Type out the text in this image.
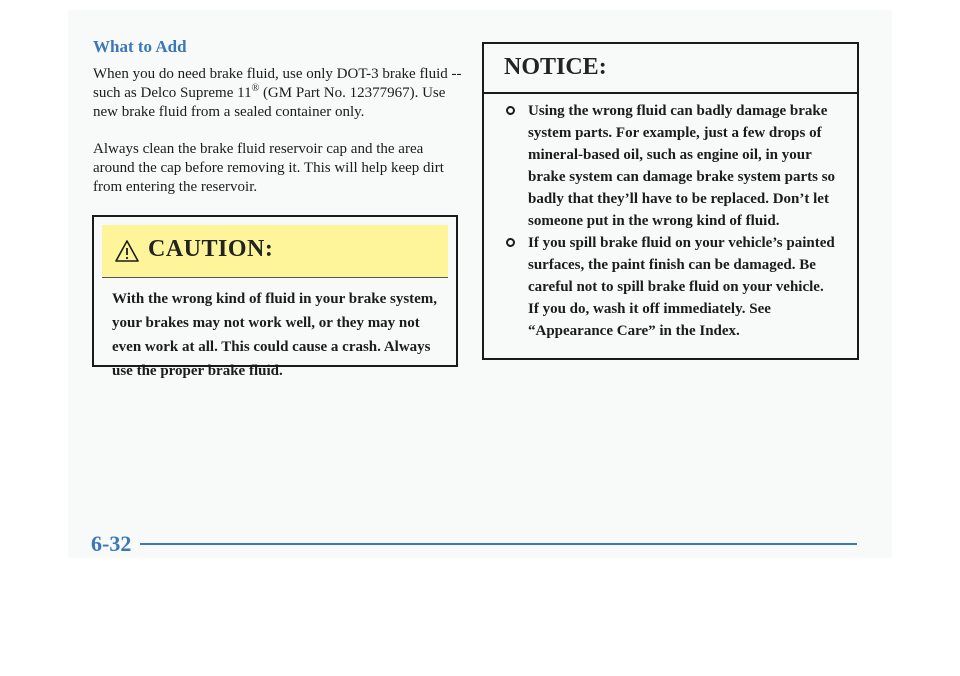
What to Add

When you do need brake fluid, use only DOT-3 brake fluid -- such as Delco Supreme 11® (GM Part No. 12377967). Use new brake fluid from a sealed container only.

Always clean the brake fluid reservoir cap and the area around the cap before removing it. This will help keep dirt from entering the reservoir.

CAUTION:

With the wrong kind of fluid in your brake system, your brakes may not work well, or they may not even work at all. This could cause a crash. Always use the proper brake fluid.

NOTICE:
Using the wrong fluid can badly damage brake system parts. For example, just a few drops of mineral-based oil, such as engine oil, in your brake system can damage brake system parts so badly that they’ll have to be replaced. Don’t let someone put in the wrong kind of fluid.
If you spill brake fluid on your vehicle’s painted surfaces, the paint finish can be damaged. Be careful not to spill brake fluid on your vehicle. If you do, wash it off immediately. See “Appearance Care” in the Index.
6-32
